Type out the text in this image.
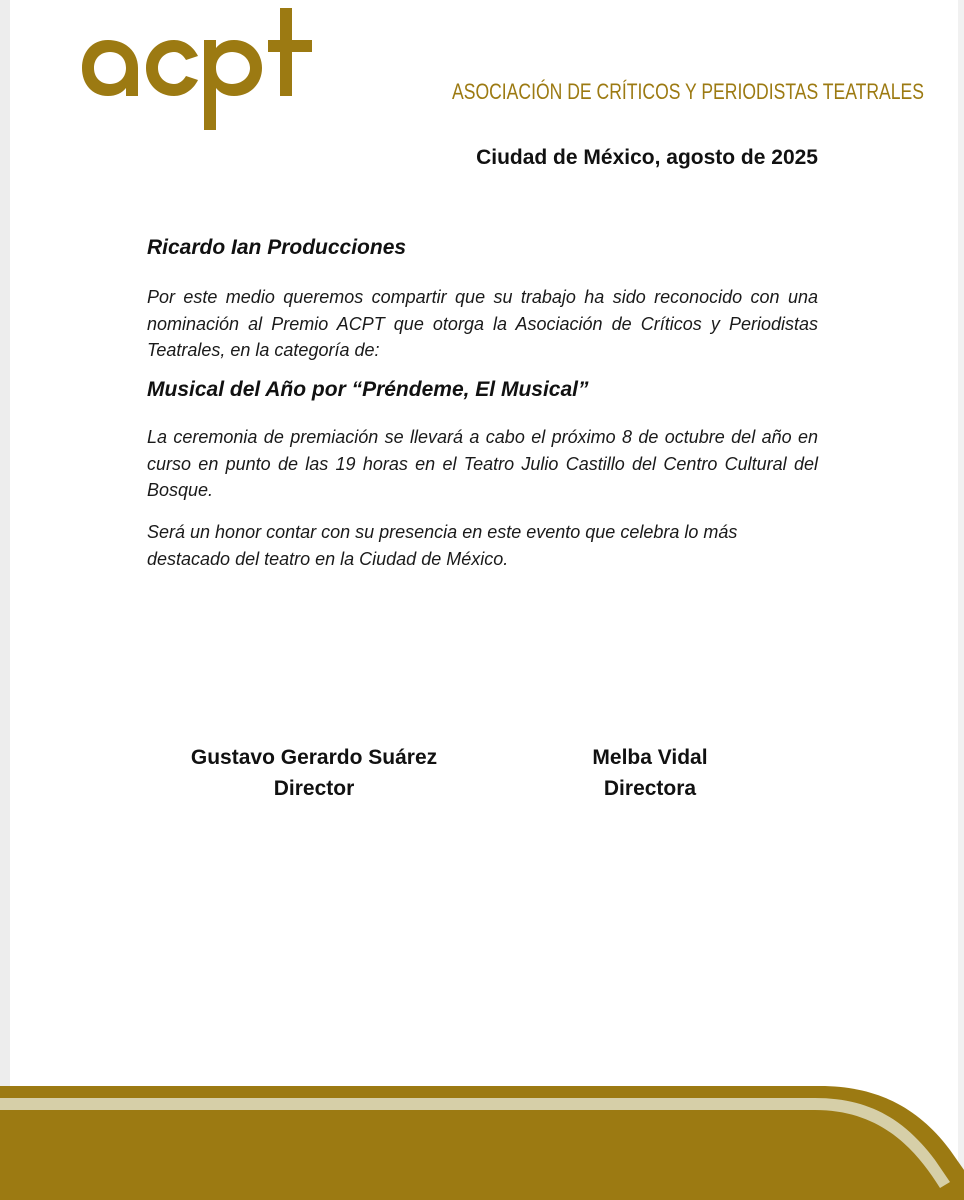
ASOCIACIÓN DE CRÍTICOS Y PERIODISTAS TEATRALES
Ciudad de México, agosto de 2025
Ricardo Ian Producciones

Por este medio queremos compartir que su trabajo ha sido reconocido con una nominación al Premio ACPT que otorga la Asociación de Críticos y Periodistas Teatrales, en la categoría de:

Musical del Año por “Préndeme, El Musical”

La ceremonia de premiación se llevará a cabo el próximo 8 de octubre del año en curso en punto de las 19 horas en el Teatro Julio Castillo del Centro Cultural del Bosque.

Será un honor contar con su presencia en este evento que celebra lo más destacado del teatro en la Ciudad de México.

Gustavo Gerardo Suárez
Director
Melba Vidal
Directora
